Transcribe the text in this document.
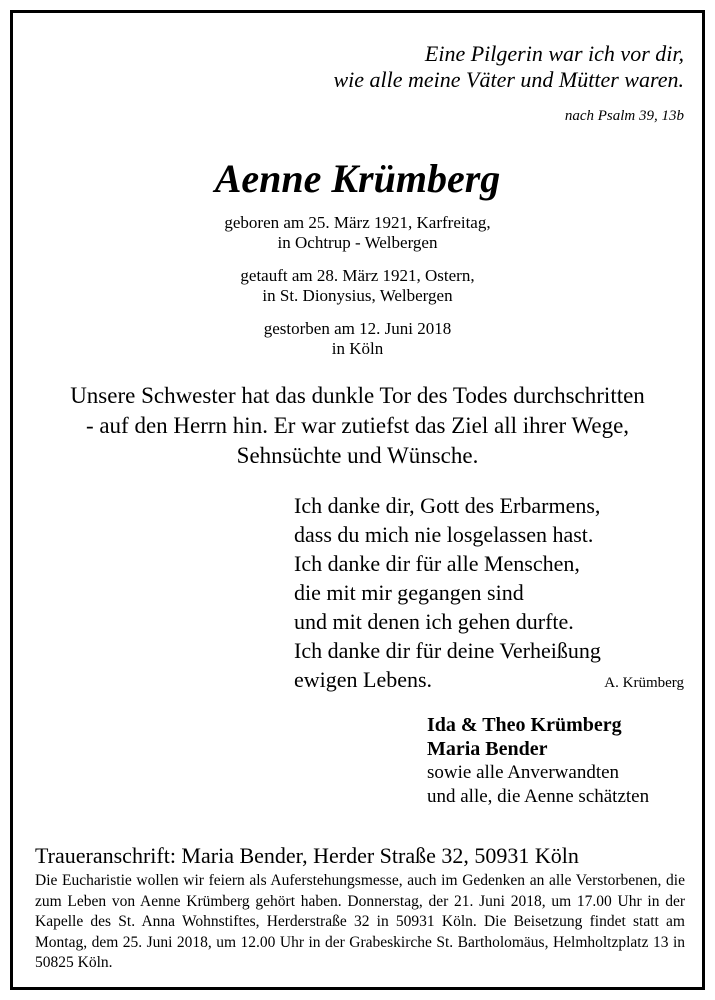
Eine Pilgerin war ich vor dir,
wie alle meine Väter und Mütter waren.
nach Psalm 39, 13b
Aenne Krümberg
geboren am 25. März 1921, Karfreitag,
in Ochtrup - Welbergen
getauft am 28. März 1921, Ostern,
in St. Dionysius, Welbergen
gestorben am 12. Juni 2018
in Köln
Unsere Schwester hat das dunkle Tor des Todes durchschritten
- auf den Herrn hin. Er war zutiefst das Ziel all ihrer Wege,
Sehnsüchte und Wünsche.
Ich danke dir, Gott des Erbarmens,
dass du mich nie losgelassen hast.
Ich danke dir für alle Menschen,
die mit mir gegangen sind
und mit denen ich gehen durfte.
Ich danke dir für deine Verheißung
ewigen Lebens.	A. Krümberg
Ida & Theo Krümberg
Maria Bender
sowie alle Anverwandten
und alle, die Aenne schätzten
Traueranschrift: Maria Bender, Herder Straße 32, 50931 Köln
Die Eucharistie wollen wir feiern als Auferstehungsmesse, auch im Gedenken an alle Verstorbenen, die zum Leben von Aenne Krümberg gehört haben. Donnerstag, der 21. Juni 2018, um 17.00 Uhr in der Kapelle des St. Anna Wohnstiftes, Herderstraße 32 in 50931 Köln. Die Beisetzung findet statt am Montag, dem 25. Juni 2018, um 12.00 Uhr in der Grabeskirche St. Bartholomäus, Helmholtzplatz 13 in 50825 Köln.
